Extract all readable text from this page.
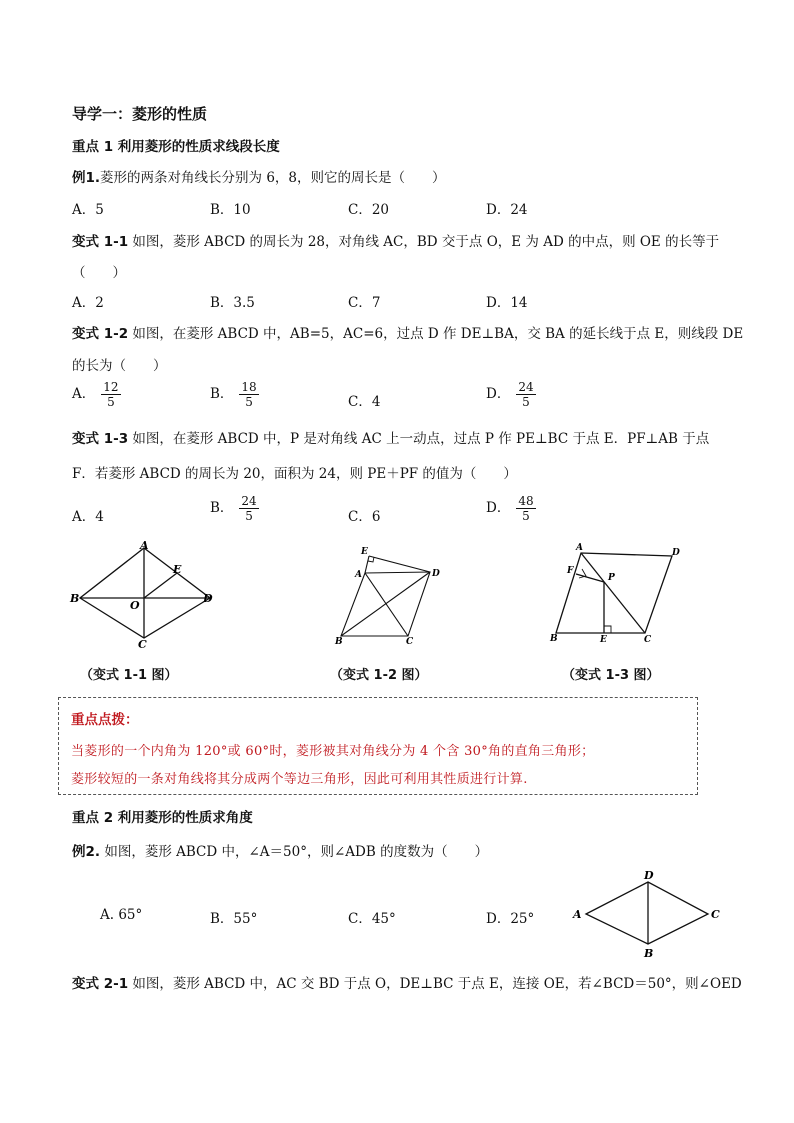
导学一：菱形的性质
重点 1 利用菱形的性质求线段长度
例1.菱形的两条对角线长分别为 6，8，则它的周长是（　　）
A．5	B．10	C．20	D．24
变式 1-1 如图，菱形 ABCD 的周长为 28，对角线 AC，BD 交于点 O，E 为 AD 的中点，则 OE 的长等于
（　　）
A．2	B．3.5	C．7	D．14
变式 1-2 如图，在菱形 ABCD 中，AB=5，AC=6，过点 D 作 DE⊥BA，交 BA 的延长线于点 E，则线段 DE
的长为（　　）
A． $\frac{12}{5}$	B． $\frac{18}{5}$	C．4	D． $\frac{24}{5}$
变式 1-3 如图，在菱形 ABCD 中，P 是对角线 AC 上一动点，过点 P 作 PE⊥BC 于点 E．PF⊥AB 于点
F．若菱形 ABCD 的周长为 20，面积为 24，则 PE＋PF 的值为（　　）
A．4
B． $\frac{24}{5}$	C．6
D． $\frac{48}{5}$
A
B
C
D
E
O
（变式 1-1 图）
E
A	D
B	C
（变式 1-2 图）
A	D
F
P
B	E	C
（变式 1-3 图）
重点点拨：
当菱形的一个内角为 120°或 60°时，菱形被其对角线分为 4 个含 30°角的直角三角形；
菱形较短的一条对角线将其分成两个等边三角形，因此可利用其性质进行计算.
重点 2 利用菱形的性质求角度
例2. 如图，菱形 ABCD 中，∠A＝50°，则∠ADB 的度数为（　　）
A. 65°	B．55°	C．45°	D．25°
D
A	C
B
变式 2-1 如图，菱形 ABCD 中，AC 交 BD 于点 O，DE⊥BC 于点 E，连接 OE，若∠BCD＝50°，则∠OED
